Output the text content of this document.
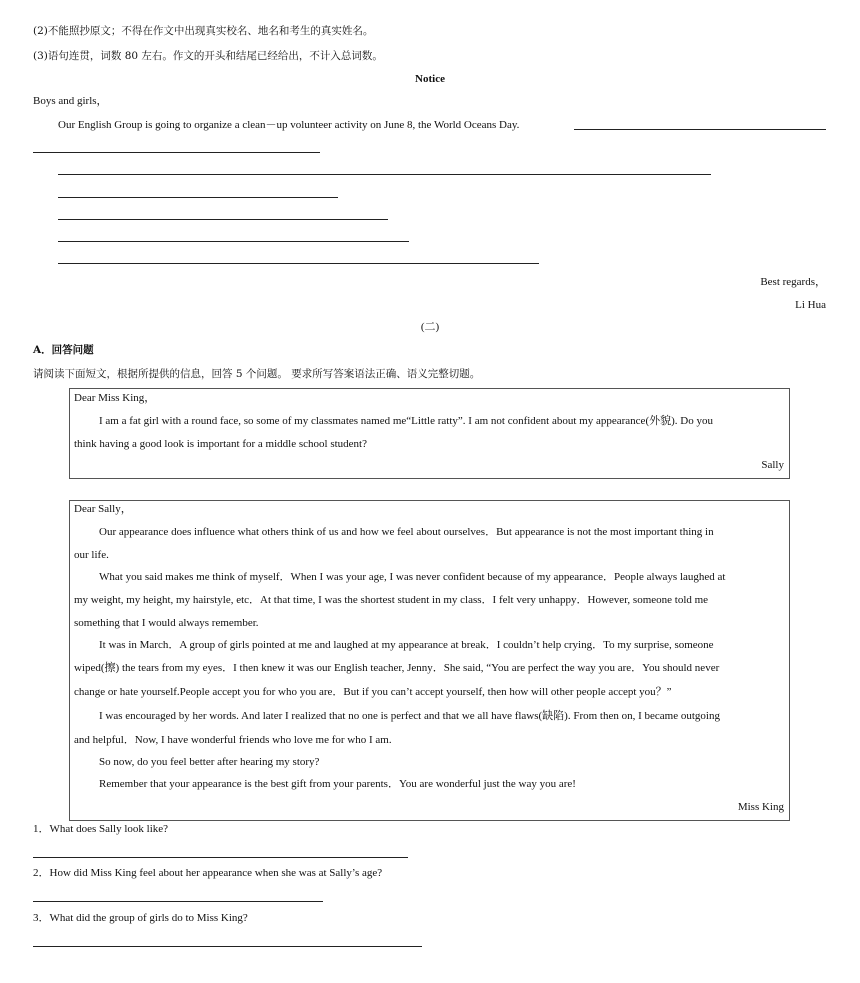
(2)不能照抄原文；不得在作文中出现真实校名、地名和考生的真实姓名。
(3)语句连贯，词数 80 左右。作文的开头和结尾已经给出，不计入总词数。
Notice
Boys and girls，
Our English Group is going to organize a clean－up volunteer activity on June 8, the World Oceans Day.
Best regards，
Li Hua
(二)
A．回答问题
请阅读下面短文，根据所提供的信息，回答 5 个问题。 要求所写答案语法正确、语义完整切题。
Dear Miss King，
I am a fat girl with a round face, so some of my classmates named me“Little ratty”. I am not confident about my appearance(外貌). Do you
think having a good look is important for a middle school student?
Sally
Dear Sally，
Our appearance does influence what others think of us and how we feel about ourselves．But appearance is not the most important thing in
our life.
What you said makes me think of myself．When I was your age, I was never confident because of my appearance．People always laughed at
my weight, my height, my hairstyle, etc．At that time, I was the shortest student in my class．I felt very unhappy．However, someone told me
something that I would always remember.
It was in March．A group of girls pointed at me and laughed at my appearance at break．I couldn’t help crying．To my surprise, someone
wiped(擦) the tears from my eyes．I then knew it was our English teacher, Jenny．She said, “You are perfect the way you are．You should never
change or hate yourself.People accept you for who you are．But if you can’t accept yourself, then how will other people accept you？”
I was encouraged by her words. And later I realized that no one is perfect and that we all have flaws(缺陷). From then on, I became outgoing
and helpful．Now, I have wonderful friends who love me for who I am.
So now, do you feel better after hearing my story?
Remember that your appearance is the best gift from your parents．You are wonderful just the way you are!
Miss King
1．What does Sally look like?
2．How did Miss King feel about her appearance when she was at Sally’s age?
3．What did the group of girls do to Miss King?
